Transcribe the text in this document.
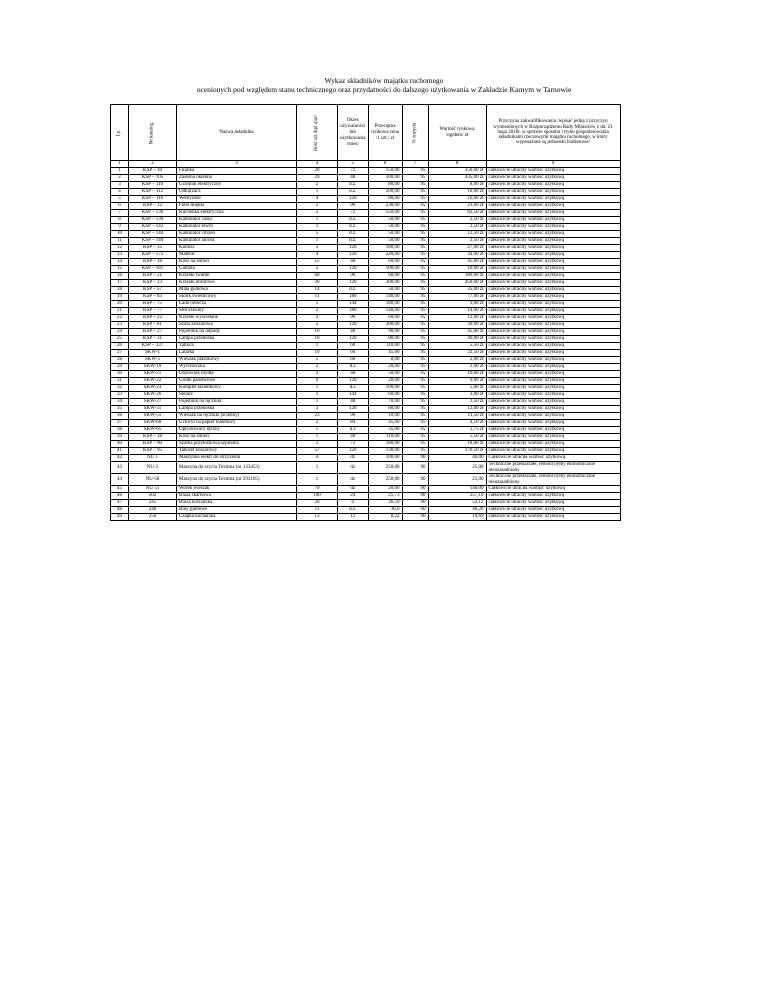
Wykaz składników majątku ruchomego
ocenionych pod względem stanu technicznego oraz przydatności do dalszego użytkowania w Zakładzie Karnym w Tarnowie
Lp.	Nr katalog.	Nazwa składnika	Ilość szt./kpl./par/	Okres używalności lub użytkowania /mies/	Przeciętna rynkowa cena /1 szt./ zł	% zużycia	Wartość rynkowa /ogółem/ zł	Przyczyna zakwalifikowania /wpisać jedną z przyczyn wymienionych w Rozporządzeniu Rady Ministrów z dn. 21 maja 2010r. w sprawie sposobu i trybu gospodarowania składnikami rzeczowymi majątku ruchomego, w który wyposażone są jednostki budżetowe/
1	2	3	4	5	6	7	8	9
1	KSP – 10	Firanka	20	72	150,00	95	150,00 zł	całkowicie utraciły wartość użytkową
2	KSP – 105	Zasłona okienna	29	48	300,00	95	435,00 zł	całkowicie utraciły wartość użytkową
3	KSP – 110	Grzejnik elektryczny	2	d.z.	80,00	95	8,00 zł	całkowicie utraciły wartość użytkową
4	KSP – 112	Odkurzacz	1	d.z.	200,00	95	10,00 zł	całkowicie utraciły wartość użytkową
5	KSP – 116	Wentylator	4	120	80,00	95	16,00 zł	całkowicie utraciły wartość użytkową
6	KSP – 12	Fotel miękki	2	96	230,00	95	23,00 zł	całkowicie utraciły wartość użytkową
7	KSP – 136	Kuchenka elektryczna	3	72	550,00	95	82,50 zł	całkowicie utraciły wartość użytkową
8	KSP – 139	Kalkulator casio	1	d.z.	50,00	95	2,50 zł	całkowicie utraciły wartość użytkową
9	KSP – 143	Kalkulator elwro	1	d.z.	50,00	95	2,50 zł	całkowicie utraciły wartość użytkową
10	KSP – 144	Kalkulator citizen	5	d.z.	50,00	95	12,50 zł	całkowicie utraciły wartość użytkową
11	KSP – 146	Kalkulator aurora	1	d.z.	50,00	95	2,50 zł	całkowicie utraciły wartość użytkową
12	KSP – 15	Karnisz	3	120	180,00	95	27,00 zł	całkowicie utraciły wartość użytkową
13	KSP – 175	Materac	4	120	220,00	95	44,00 zł	całkowicie utraciły wartość użytkową
14	KSP – 18	Kosz na śmieci	15	48	60,00	95	45,00 zł	całkowicie utraciły wartość użytkową
15	KSP – 181	Gablota	2	120	100,00	95	10,00 zł	całkowicie utraciły wartość użytkową
16	KSP – 21	Krzesło twarde	60	96	60,00	95	180,00 zł	całkowicie utraciły wartość użytkową
17	KSP – 23	Krzesło obrotowe	30	120	300,00	95	450,00 zł	całkowicie utraciły wartość użytkową
18	KSP – 57	Mata gumowa	14	d.z.	50,00	95	35,00 zł	całkowicie utraciły wartość użytkową
19	KSP – 63	Stolik świetlicowy	11	180	140,00	95	77,00 zł	całkowicie utraciły wartość użytkową
20	KSP – 75	Lada robocza	1	144	180,00	95	9,00 zł	całkowicie utraciły wartość użytkową
21	KSP – 77	Stół szkolny	2	180	140,00	95	14,00 zł	całkowicie utraciły wartość użytkową
22	KSP – 22	Krzesło wyściełane	4	96	60,00	95	12,00 zł	całkowicie utraciły wartość użytkową
23	KSP – 81	Szafa koszarowa	2	120	300,00	95	30,00 zł	całkowicie utraciły wartość użytkową
24	KSP – 27	Pojemnik na odpady	10	48	90,00	95	45,00 zł	całkowicie utraciły wartość użytkową
25	KSP – 31	Lampa przenośna	10	120	80,00	95	40,00 zł	całkowicie utraciły wartość użytkową
26	KSP – 337	Tablica	1	60	110,00	95	5,50 zł	całkowicie utraciły wartość użytkową
27	SKW-1	Latarka	10	60	45,00	95	22,50 zł	całkowicie utraciły wartość użytkową
28	SKW-5	Wieszak plastikowy	5	60	8,00	95	2,00 zł	całkowicie utraciły wartość użytkową
29	SKW-10	Wycieraczka	2	d.z	20,00	95	2,00 zł	całkowicie utraciły wartość użytkową
30	SKW-21	Dozownik mydła	4	48	50,00	95	10,00 zł	całkowicie utraciły wartość użytkową
31	SKW-22	Godło państwowe	9	120	20,00	95	9,00 zł	całkowicie utraciły wartość użytkową
32	SKW-23	Komplet łazienkowy	1	d.z	100,00	95	5,00 zł	całkowicie utraciły wartość użytkową
33	SKW-26	Stelarz	1	144	60,00	95	3,00 zł	całkowicie utraciły wartość użytkową
34	SKW-27	Pojemnik na ręczniki	1	48	70,00	95	3,50 zł	całkowicie utraciły wartość użytkową
35	SKW-31	Lampa przenośna	3	120	80,00	95	12,00 zł	całkowicie utraciły wartość użytkową
36	SKW-51	Wieszak na ręczniki (ścienny)	23	96	10,00	95	11,50 zł	całkowicie utraciły wartość użytkową
37	SKW-60	Uchwyt na papier toaletowy	2	84	45,00	95	4,50 zł	całkowicie utraciły wartość użytkową
38	SKW-65	Opryskiwacz ręczny	1	d.z	35,00	95	1,75 zł	całkowicie utraciły wartość użytkową
39	KSP – 18	Kosz na śmieci	1	48	110,00	95	5,50 zł	całkowicie utraciły wartość użytkową
40	KSP – 90	Szafka przyłóżkowa szpitalna	2	72	180,00	95	18,00 zł	całkowicie utraciły wartość użytkową
41	KSP – 95	Taboret koszarowy	57	120	130,00	95	370,50 zł	całkowicie utraciły wartość użytkową
42	NU 1	Maszynka elektr do strzyżenia	4	dz	100,00	90	40,00	Całkowicie utraciła wartość użytkową
43	NU-3	Maszyna do szycia Textima (nr 133453)	1	dz	250,00	90	25,00	Techniczne przestarzałe, remont byłby ekonomicznie nieuzasadniony
44	NU-58	Maszyna do szycia Textima (nr 293105)	1	dz	250,00	90	25,00	Techniczne przestarzałe, remont byłby ekonomicznie nieuzasadniony
45	NU 51	Worek wieszak	70	dz	20,00	90	140,00	Całkowicie utraciła wartość użytkową
46	202	Blaza skarbowa	100	24	25,73	90	257,10	całkowicie utraciły wartość użytkową
47	245	Bluza kucharska	20	6	26,59	90	53,12	całkowicie utraciły wartość użytkową
48	248	Buty gumowe	11	d.z.	36,6	90	40,26	całkowicie utraciły wartość użytkową
49	250	Czapka kucharska	13	12	8,22	90	10,69	całkowicie utraciły wartość użytkową
